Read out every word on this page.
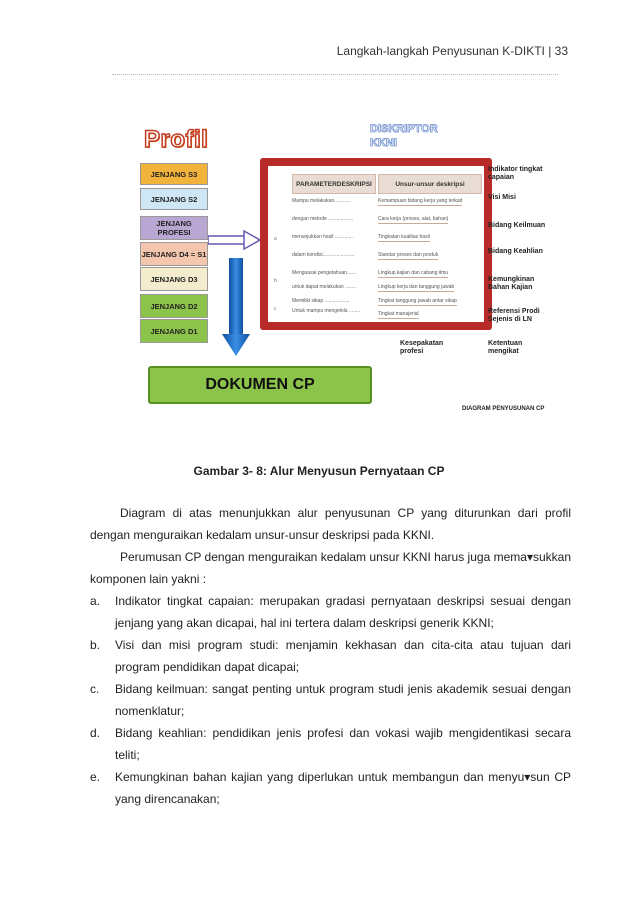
Langkah-langkah Penyusunan K-DIKTI | 33
Profil	DISKRIPTOR
KKNI
JENJANG S3
JENJANG S2
JENJANG PROFESI
JENJANG D4 = S1
JENJANG D3
JENJANG D2
JENJANG D1
PARAMETERDESKRIPSI	Unsur-unsur deskripsi
a
b
c
Mampu melakukan............
dengan metode ..................
menunjukkan hasil .............
dalam kondisi.......................
Menguasai pengetahuan.......
untuk dapat melakukan ........
Memiliki sikap ..................
Untuk mampu mengelola ........
Kemampuan bidang kerja yang terkait
Cara kerja (proses, alat, bahan)
Tingkatan kualitas hasil
Standar proses dan produk
Lingkup kajian dan cabang ilmu
Lingkup kerja dan tanggung jawab
Tingkat tanggung jawab antar sikap
Tingkat manajerial
Indikator tingkat capaian
Visi Misi
Bidang Keilmuan
Bidang Keahlian
Kemungkinan Bahan Kajian
Referensi Prodi Sejenis di LN
Ketentuan mengikat
Kesepakatan profesi
DOKUMEN CP
DIAGRAM PENYUSUNAN CP
Gambar 3- 8: Alur Menyusun Pernyataan CP

Diagram di atas menunjukkan alur penyusunan CP yang diturunkan dari profil dengan menguraikan kedalam unsur-unsur deskripsi pada KKNI.

Perumusan CP dengan menguraikan kedalam unsur KKNI harus juga mema▾sukkan komponen lain yakni :

a. Indikator tingkat capaian: merupakan gradasi pernyataan deskripsi sesuai dengan jenjang yang akan dicapai, hal ini tertera dalam deskripsi generik KKNI;
b. Visi dan misi program studi: menjamin kekhasan dan cita-cita atau tujuan dari program pendidikan dapat dicapai;
c. Bidang keilmuan: sangat penting untuk program studi jenis akademik sesuai dengan nomenklatur;
d. Bidang keahlian: pendidikan jenis profesi dan vokasi wajib mengidentikasi secara teliti;
e. Kemungkinan bahan kajian yang diperlukan untuk membangun dan menyu▾sun CP yang direncanakan;
